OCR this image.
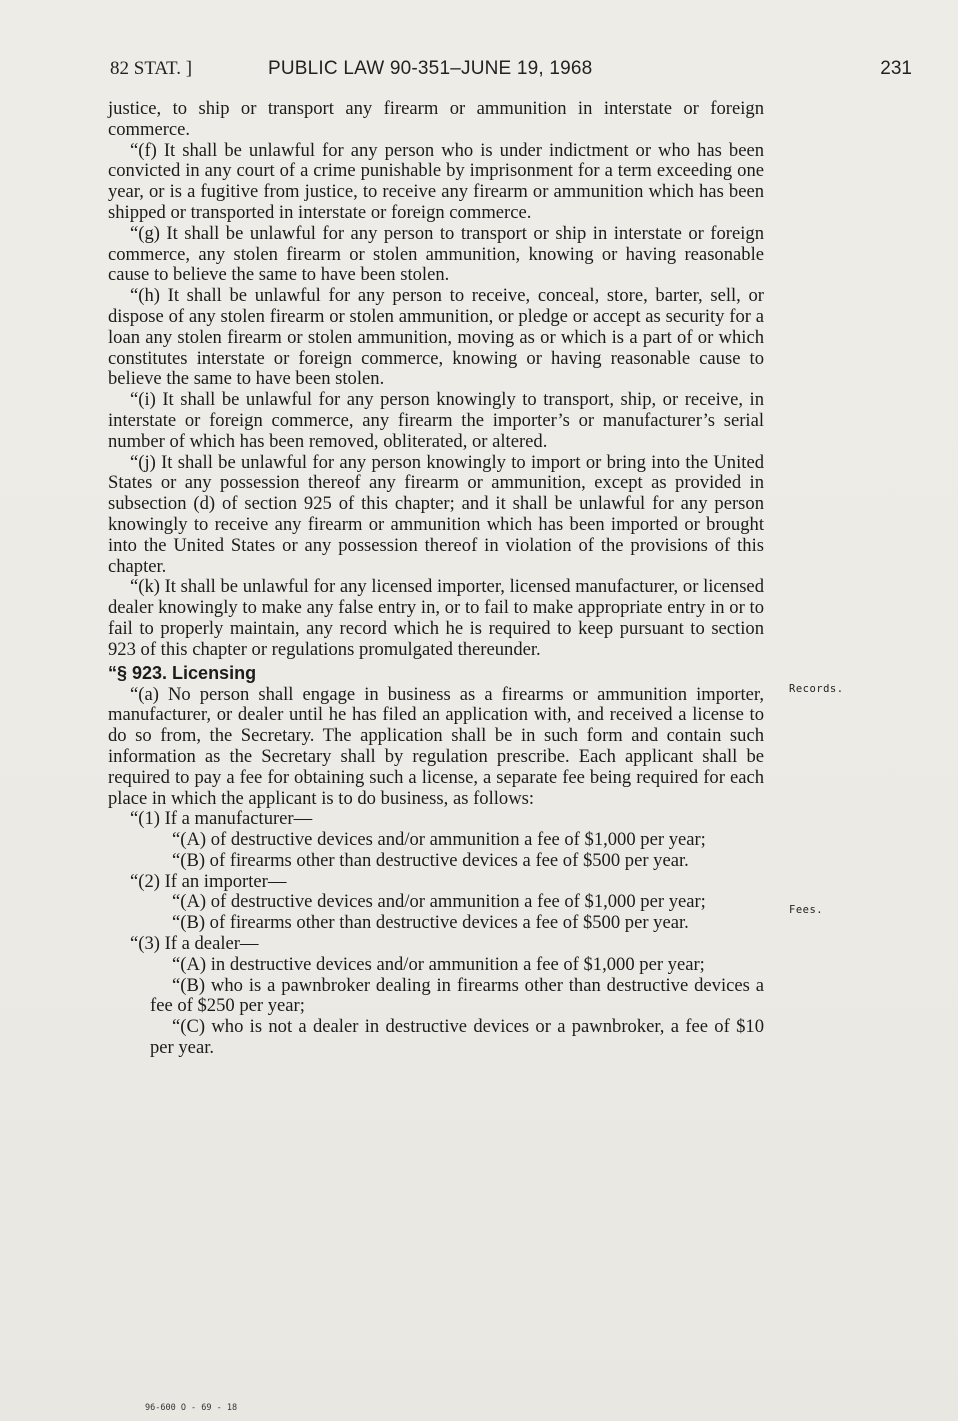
82 STAT. ]	PUBLIC LAW 90-351–JUNE 19, 1968	231

justice, to ship or transport any firearm or ammunition in interstate or foreign commerce.

“(f) It shall be unlawful for any person who is under indictment or who has been convicted in any court of a crime punishable by imprisonment for a term exceeding one year, or is a fugitive from justice, to receive any firearm or ammunition which has been shipped or transported in interstate or foreign commerce.

“(g) It shall be unlawful for any person to transport or ship in interstate or foreign commerce, any stolen firearm or stolen ammunition, knowing or having reasonable cause to believe the same to have been stolen.

“(h) It shall be unlawful for any person to receive, conceal, store, barter, sell, or dispose of any stolen firearm or stolen ammunition, or pledge or accept as security for a loan any stolen firearm or stolen ammunition, moving as or which is a part of or which constitutes interstate or foreign commerce, knowing or having reasonable cause to believe the same to have been stolen.

“(i) It shall be unlawful for any person knowingly to transport, ship, or receive, in interstate or foreign commerce, any firearm the importer’s or manufacturer’s serial number of which has been removed, obliterated, or altered.

“(j) It shall be unlawful for any person knowingly to import or bring into the United States or any possession thereof any firearm or ammunition, except as provided in subsection (d) of section 925 of this chapter; and it shall be unlawful for any person knowingly to receive any firearm or ammunition which has been imported or brought into the United States or any possession thereof in violation of the provisions of this chapter.

“(k) It shall be unlawful for any licensed importer, licensed manufacturer, or licensed dealer knowingly to make any false entry in, or to fail to make appropriate entry in or to fail to properly maintain, any record which he is required to keep pursuant to section 923 of this chapter or regulations promulgated thereunder.

“§ 923. Licensing

“(a) No person shall engage in business as a firearms or ammunition importer, manufacturer, or dealer until he has filed an application with, and received a license to do so from, the Secretary. The application shall be in such form and contain such information as the Secretary shall by regulation prescribe. Each applicant shall be required to pay a fee for obtaining such a license, a separate fee being required for each place in which the applicant is to do business, as follows:

“(1) If a manufacturer—

“(A) of destructive devices and/or ammunition a fee of $1,000 per year;

“(B) of firearms other than destructive devices a fee of $500 per year.

“(2) If an importer—

“(A) of destructive devices and/or ammunition a fee of $1,000 per year;

“(B) of firearms other than destructive devices a fee of $500 per year.

“(3) If a dealer—

“(A) in destructive devices and/or ammunition a fee of $1,000 per year;

“(B) who is a pawnbroker dealing in firearms other than destructive devices a fee of $250 per year;

“(C) who is not a dealer in destructive devices or a pawnbroker, a fee of $10 per year.

Records.
Fees.
96-600 O - 69 - 18
